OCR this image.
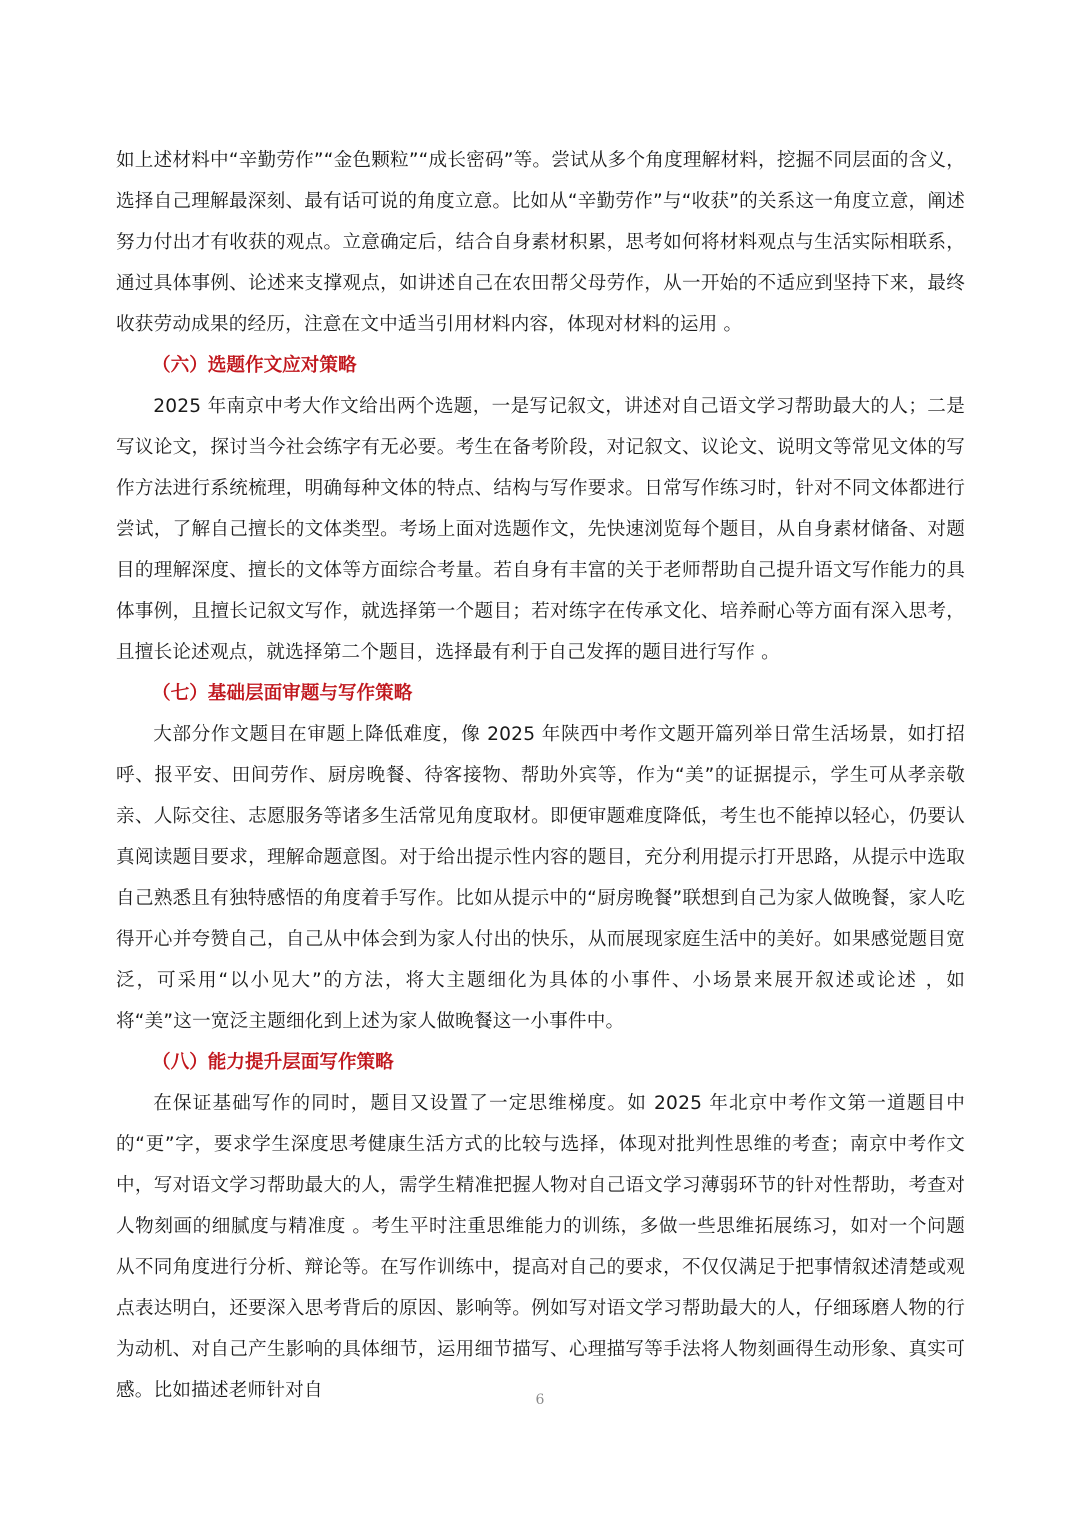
如上述材料中“辛勤劳作”“金色颗粒”“成长密码”等。尝试从多个角度理解材料，挖掘不同层面的含义，选择自己理解最深刻、最有话可说的角度立意。比如从“辛勤劳作”与“收获”的关系这一角度立意，阐述努力付出才有收获的观点。立意确定后，结合自身素材积累，思考如何将材料观点与生活实际相联系，通过具体事例、论述来支撑观点，如讲述自己在农田帮父母劳作，从一开始的不适应到坚持下来，最终收获劳动成果的经历，注意在文中适当引用材料内容，体现对材料的运用 。

（六）选题作文应对策略

2025 年南京中考大作文给出两个选题，一是写记叙文，讲述对自己语文学习帮助最大的人；二是写议论文，探讨当今社会练字有无必要。考生在备考阶段，对记叙文、议论文、说明文等常见文体的写作方法进行系统梳理，明确每种文体的特点、结构与写作要求。日常写作练习时，针对不同文体都进行尝试，了解自己擅长的文体类型。考场上面对选题作文，先快速浏览每个题目，从自身素材储备、对题目的理解深度、擅长的文体等方面综合考量。若自身有丰富的关于老师帮助自己提升语文写作能力的具体事例，且擅长记叙文写作，就选择第一个题目；若对练字在传承文化、培养耐心等方面有深入思考，且擅长论述观点，就选择第二个题目，选择最有利于自己发挥的题目进行写作 。

（七）基础层面审题与写作策略

大部分作文题目在审题上降低难度，像 2025 年陕西中考作文题开篇列举日常生活场景，如打招呼、报平安、田间劳作、厨房晚餐、待客接物、帮助外宾等，作为“美”的证据提示，学生可从孝亲敬亲、人际交往、志愿服务等诸多生活常见角度取材。即便审题难度降低，考生也不能掉以轻心，仍要认真阅读题目要求，理解命题意图。对于给出提示性内容的题目，充分利用提示打开思路，从提示中选取自己熟悉且有独特感悟的角度着手写作。比如从提示中的“厨房晚餐”联想到自己为家人做晚餐，家人吃得开心并夸赞自己，自己从中体会到为家人付出的快乐，从而展现家庭生活中的美好。如果感觉题目宽泛，可采用“以小见大”的方法，将大主题细化为具体的小事件、小场景来展开叙述或论述 ，如将“美”这一宽泛主题细化到上述为家人做晚餐这一小事件中。

（八）能力提升层面写作策略

在保证基础写作的同时，题目又设置了一定思维梯度。如 2025 年北京中考作文第一道题目中的“更”字，要求学生深度思考健康生活方式的比较与选择，体现对批判性思维的考查；南京中考作文中，写对语文学习帮助最大的人，需学生精准把握人物对自己语文学习薄弱环节的针对性帮助，考查对人物刻画的细腻度与精准度 。考生平时注重思维能力的训练，多做一些思维拓展练习，如对一个问题从不同角度进行分析、辩论等。在写作训练中，提高对自己的要求，不仅仅满足于把事情叙述清楚或观点表达明白，还要深入思考背后的原因、影响等。例如写对语文学习帮助最大的人，仔细琢磨人物的行为动机、对自己产生影响的具体细节，运用细节描写、心理描写等手法将人物刻画得生动形象、真实可感。比如描述老师针对自	6
